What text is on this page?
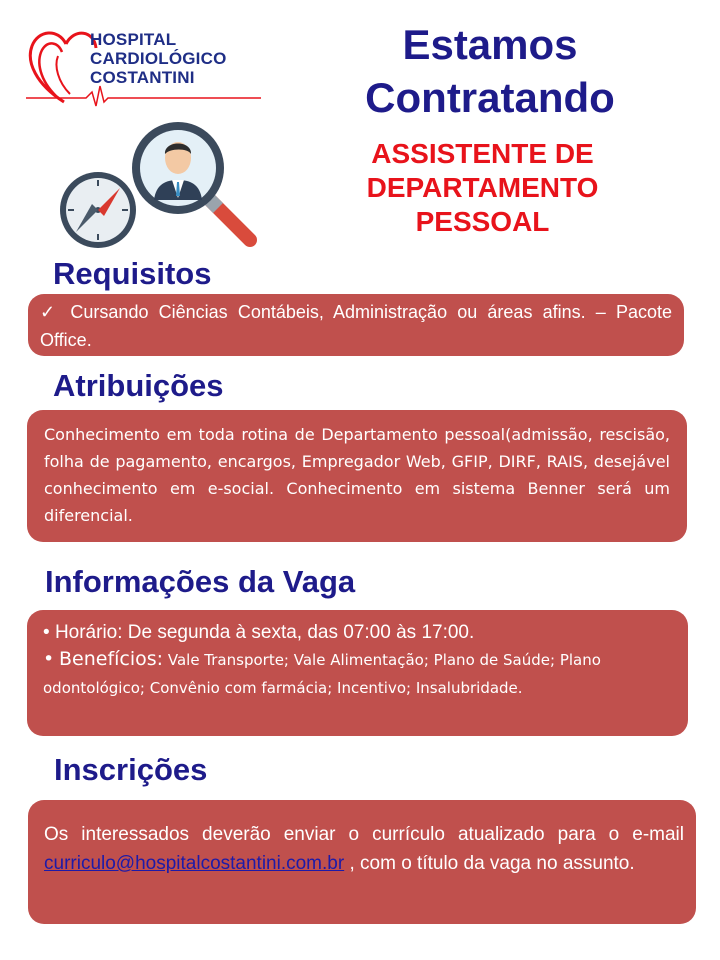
HOSPITAL
CARDIOLÓGICO
COSTANTINI
Estamos
Contratando
ASSISTENTE DE
DEPARTAMENTO
PESSOAL
Requisitos
✓ Cursando Ciências Contábeis, Administração ou áreas afins. – Pacote Office.
Atribuições
Conhecimento em toda rotina de Departamento pessoal(admissão, rescisão, folha de pagamento, encargos, Empregador Web, GFIP, DIRF, RAIS, desejável conhecimento em e-social. Conhecimento em sistema Benner será um diferencial.
Informações da Vaga
• Horário: De segunda à sexta, das 07:00 às 17:00.
• Benefícios: Vale Transporte; Vale Alimentação; Plano de Saúde; Plano odontológico; Convênio com farmácia; Incentivo; Insalubridade.
Inscrições
Os interessados deverão enviar o currículo atualizado para o e-mail curriculo@hospitalcostantini.com.br , com o título da vaga no assunto.
